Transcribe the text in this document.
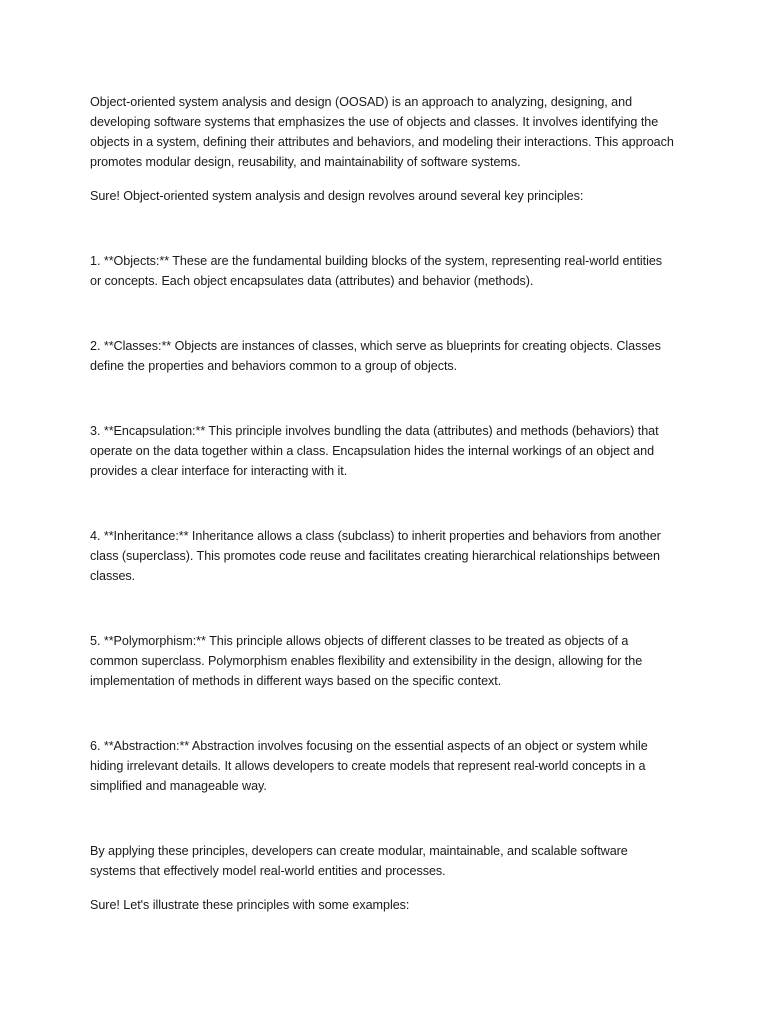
Object-oriented system analysis and design (OOSAD) is an approach to analyzing, designing, and developing software systems that emphasizes the use of objects and classes. It involves identifying the objects in a system, defining their attributes and behaviors, and modeling their interactions. This approach promotes modular design, reusability, and maintainability of software systems.

Sure! Object-oriented system analysis and design revolves around several key principles:

1. **Objects:** These are the fundamental building blocks of the system, representing real-world entities or concepts. Each object encapsulates data (attributes) and behavior (methods).

2. **Classes:** Objects are instances of classes, which serve as blueprints for creating objects. Classes define the properties and behaviors common to a group of objects.

3. **Encapsulation:** This principle involves bundling the data (attributes) and methods (behaviors) that operate on the data together within a class. Encapsulation hides the internal workings of an object and provides a clear interface for interacting with it.

4. **Inheritance:** Inheritance allows a class (subclass) to inherit properties and behaviors from another class (superclass). This promotes code reuse and facilitates creating hierarchical relationships between classes.

5. **Polymorphism:** This principle allows objects of different classes to be treated as objects of a common superclass. Polymorphism enables flexibility and extensibility in the design, allowing for the implementation of methods in different ways based on the specific context.

6. **Abstraction:** Abstraction involves focusing on the essential aspects of an object or system while hiding irrelevant details. It allows developers to create models that represent real-world concepts in a simplified and manageable way.

By applying these principles, developers can create modular, maintainable, and scalable software systems that effectively model real-world entities and processes.

Sure! Let's illustrate these principles with some examples:
